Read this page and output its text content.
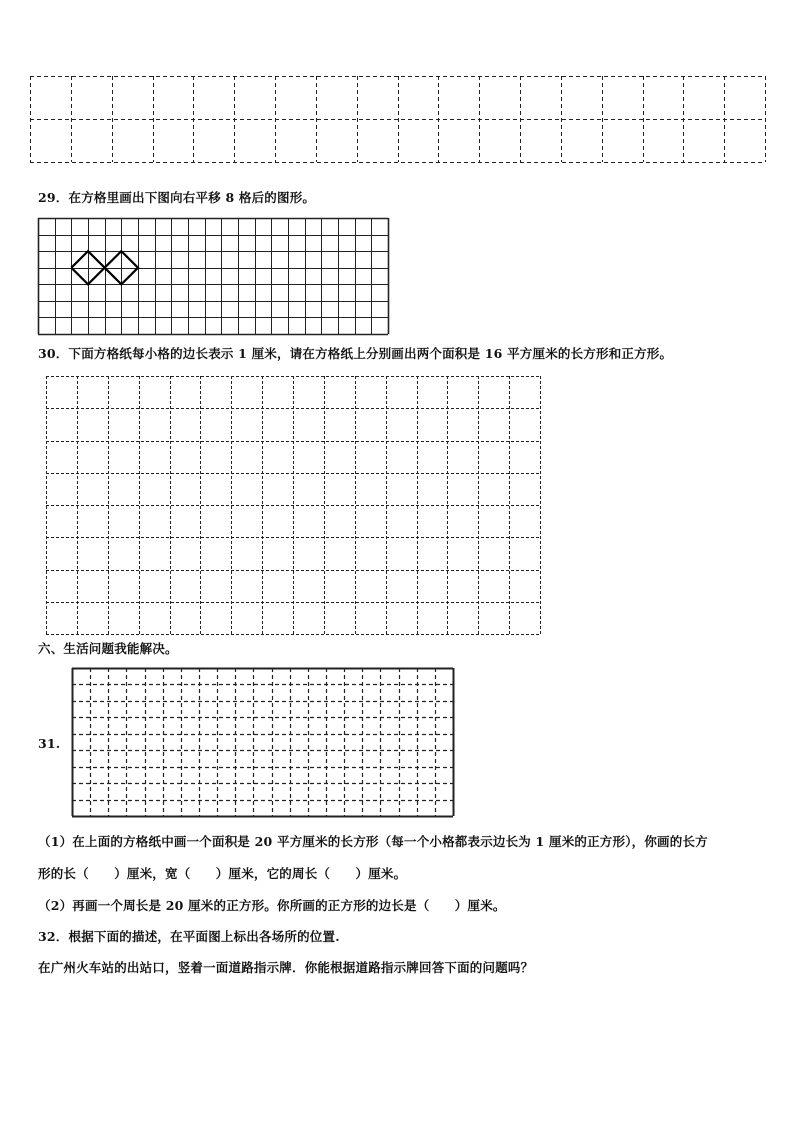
29．在方格里画出下图向右平移 8 格后的图形。
30．下面方格纸每小格的边长表示 1 厘米，请在方格纸上分别画出两个面积是 16 平方厘米的长方形和正方形。
六、生活问题我能解决。
31.
（1）在上面的方格纸中画一个面积是 20 平方厘米的长方形（每一个小格都表示边长为 1 厘米的正方形），你画的长方
形的长（　　）厘米，宽（　　）厘米，它的周长（　　）厘米。
（2）再画一个周长是 20 厘米的正方形。你所画的正方形的边长是（　　）厘米。
32．根据下面的描述，在平面图上标出各场所的位置.
在广州火车站的出站口，竖着一面道路指示牌．你能根据道路指示牌回答下面的问题吗？
